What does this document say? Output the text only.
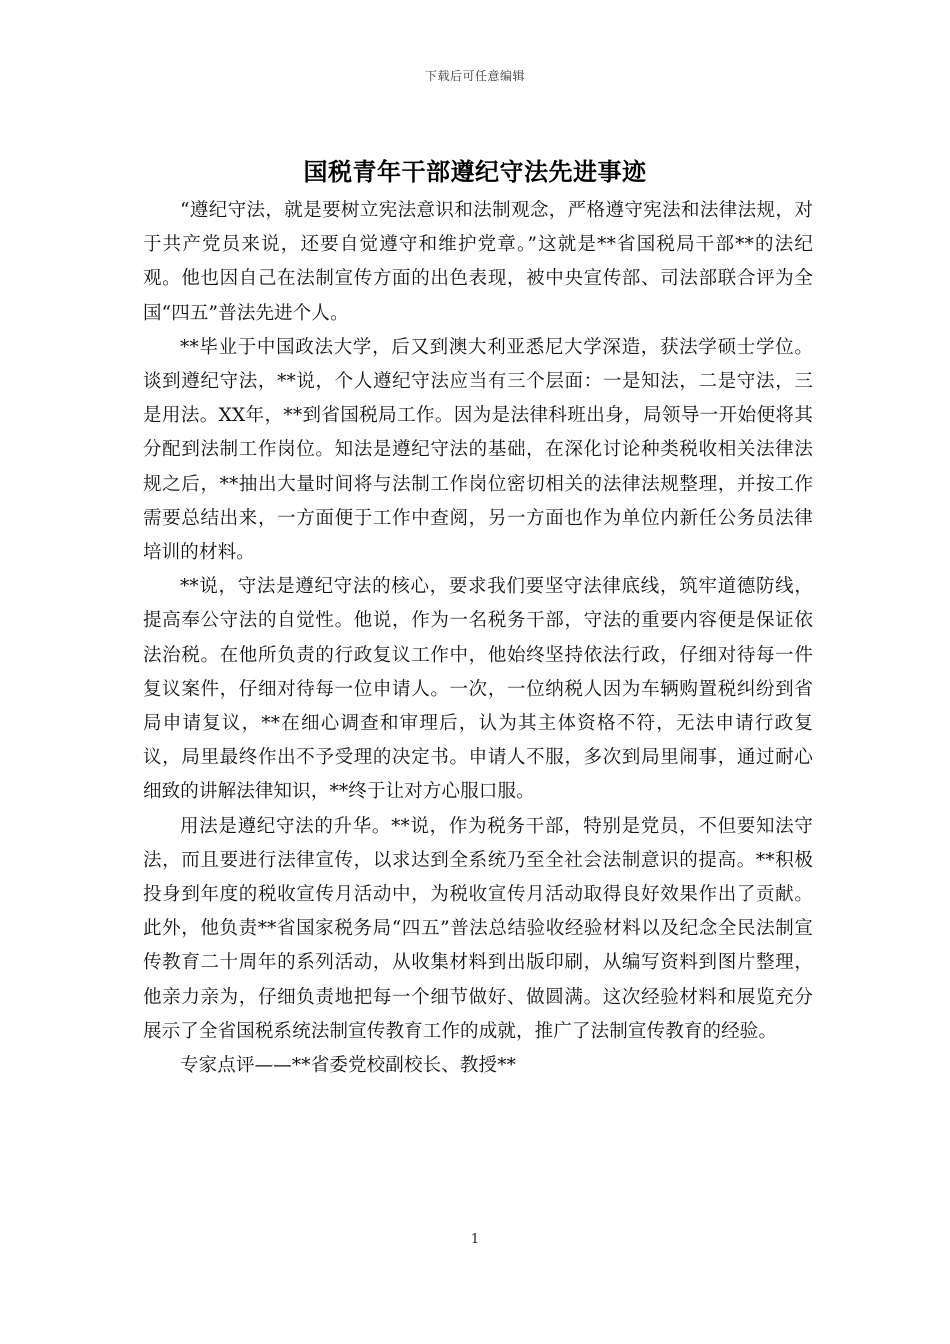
下载后可任意编辑
国税青年干部遵纪守法先进事迹

“遵纪守法，就是要树立宪法意识和法制观念，严格遵守宪法和法律法规，对于共产党员来说，还要自觉遵守和维护党章。”这就是**省国税局干部**的法纪观。他也因自己在法制宣传方面的出色表现，被中央宣传部、司法部联合评为全国“四五”普法先进个人。

**毕业于中国政法大学，后又到澳大利亚悉尼大学深造，获法学硕士学位。谈到遵纪守法，**说，个人遵纪守法应当有三个层面：一是知法，二是守法，三是用法。XX年，**到省国税局工作。因为是法律科班出身，局领导一开始便将其分配到法制工作岗位。知法是遵纪守法的基础，在深化讨论种类税收相关法律法规之后，**抽出大量时间将与法制工作岗位密切相关的法律法规整理，并按工作需要总结出来，一方面便于工作中查阅，另一方面也作为单位内新任公务员法律培训的材料。

**说，守法是遵纪守法的核心，要求我们要坚守法律底线，筑牢道德防线，提高奉公守法的自觉性。他说，作为一名税务干部，守法的重要内容便是保证依法治税。在他所负责的行政复议工作中，他始终坚持依法行政，仔细对待每一件复议案件，仔细对待每一位申请人。一次，一位纳税人因为车辆购置税纠纷到省局申请复议，**在细心调查和审理后，认为其主体资格不符，无法申请行政复议，局里最终作出不予受理的决定书。申请人不服，多次到局里闹事，通过耐心细致的讲解法律知识，**终于让对方心服口服。

用法是遵纪守法的升华。**说，作为税务干部，特别是党员，不但要知法守法，而且要进行法律宣传，以求达到全系统乃至全社会法制意识的提高。**积极投身到年度的税收宣传月活动中，为税收宣传月活动取得良好效果作出了贡献。此外，他负责**省国家税务局“四五”普法总结验收经验材料以及纪念全民法制宣传教育二十周年的系列活动，从收集材料到出版印刷，从编写资料到图片整理，他亲力亲为，仔细负责地把每一个细节做好、做圆满。这次经验材料和展览充分展示了全省国税系统法制宣传教育工作的成就，推广了法制宣传教育的经验。

专家点评——**省委党校副校长、教授**

1
